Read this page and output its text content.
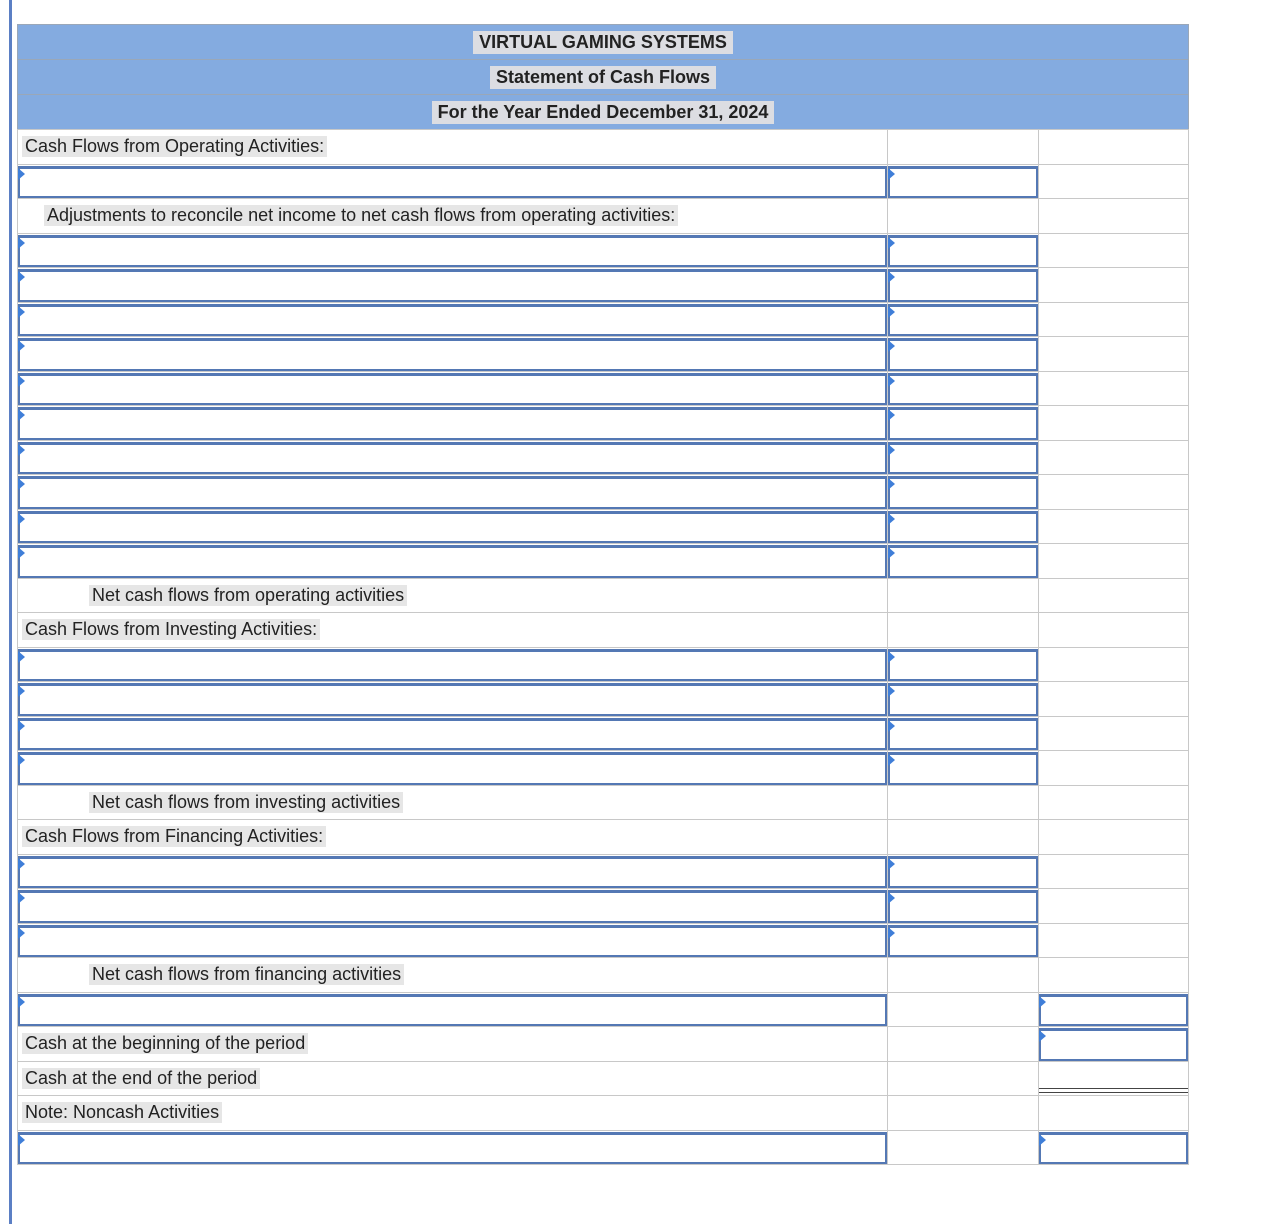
VIRTUAL GAMING SYSTEMS
Statement of Cash Flows
For the Year Ended December 31, 2024
Cash Flows from Operating Activities:
Adjustments to reconcile net income to net cash flows from operating activities:
Net cash flows from operating activities
Cash Flows from Investing Activities:
Net cash flows from investing activities
Cash Flows from Financing Activities:
Net cash flows from financing activities
Cash at the beginning of the period
Cash at the end of the period
Note: Noncash Activities
